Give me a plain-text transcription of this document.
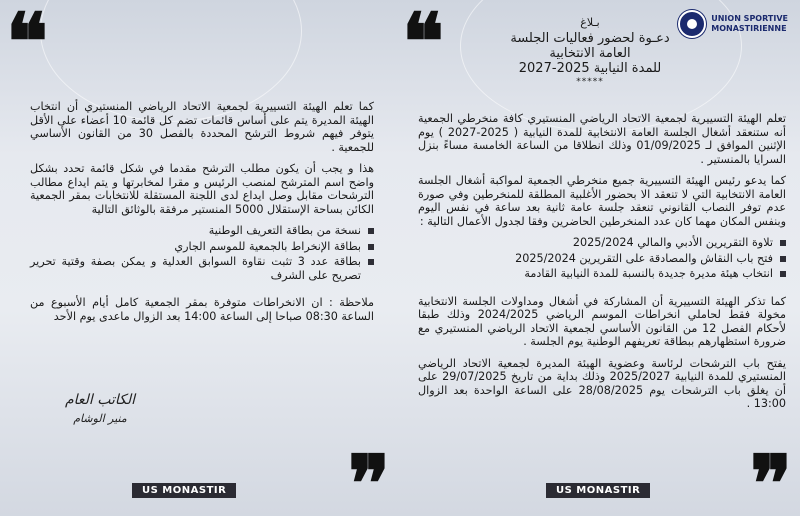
❝

كما تعلم الهيئة التسييرية لجمعية الاتحاد الرياضي المنستيري أن انتخاب الهيئة المديرة يتم على أساس قائمات تضم كل قائمة 10 أعضاء على الأقل يتوفر فيهم شروط الترشح المحددة بالفصل 30 من القانون الأساسي للجمعية .

هذا و يجب أن يكون مطلب الترشح مقدما في شكل قائمة تحدد بشكل واضح اسم المترشح لمنصب الرئيس و مقرا لمخابرتها و يتم ايداع مطالب الترشحات مقابل وصل ايداع لدى اللجنة المستقلة للانتخابات بمقر الجمعية الكائن بساحة الإستقلال 5000 المنستير مرفقة بالوثائق التالية

نسخة من بطاقة التعريف الوطنية
بطاقة الإنخراط بالجمعية للموسم الجاري
بطاقة عدد 3 تثبت نقاوة السوابق العدلية و يمكن بصفة وقتية تحرير تصريح على الشرف

ملاحظة : ان الانخراطات متوفرة بمقر الجمعية كامل أيام الأسبوع من الساعة 08:30 صباحا إلى الساعة 14:00 بعد الزوال ماعدى يوم الأحد

الكاتب العام
منير الوشام
US MONASTIR ❞
❝	UNION SPORTIVE
MONASTIRIENNE
بـلاغ
دعـوة لحضور فعاليات الجلسة
العامة الانتخابية
للمدة النيابية 2025-2027
*****

تعلم الهيئة التسييرية لجمعية الاتحاد الرياضي المنستيري كافة منخرطي الجمعية أنه ستنعقد أشغال الجلسة العامة الانتخابية للمدة النيابية ( 2025-2027 ) يوم الإثنين الموافق لـ 01/09/2025 وذلك انطلاقا من الساعة الخامسة مساءً بنزل السرايا بالمنستير .

كما يدعو رئيس الهيئة التسييرية جميع منخرطي الجمعية لمواكبة أشغال الجلسة العامة الانتخابية التي لا تنعقد الا بحضور الأغلبية المطلقة للمنخرطين وفي صورة عدم توفر النصاب القانوني تنعقد جلسة عامة ثانية بعد ساعة في نفس اليوم وبنفس المكان مهما كان عدد المنخرطين الحاضرين وفقا لجدول الأعمال التالية :

تلاوة التقريرين الأدبي والمالي 2025/2024
فتح باب النقاش والمصادقة على التقريرين 2025/2024
انتخاب هيئة مديرة جديدة بالنسبة للمدة النيابية القادمة

كما تذكر الهيئة التسييرية أن المشاركة في أشغال ومداولات الجلسة الانتخابية مخولة فقط لحاملي انخراطات الموسم الرياضي 2024/2025 وذلك طبقا لأحكام الفصل 12 من القانون الأساسي لجمعية الاتحاد الرياضي المنستيري مع ضرورة استظهارهم ببطاقة تعريفهم الوطنية يوم الجلسة .

يفتح باب الترشحات لرئاسة وعضوية الهيئة المديرة لجمعية الاتحاد الرياضي المنستيري للمدة النيابية 2025/2027 وذلك بداية من تاريخ 29/07/2025 على أن يغلق باب الترشحات يوم 28/08/2025 على الساعة الواحدة بعد الزوال 13:00 .

US MONASTIR ❞
